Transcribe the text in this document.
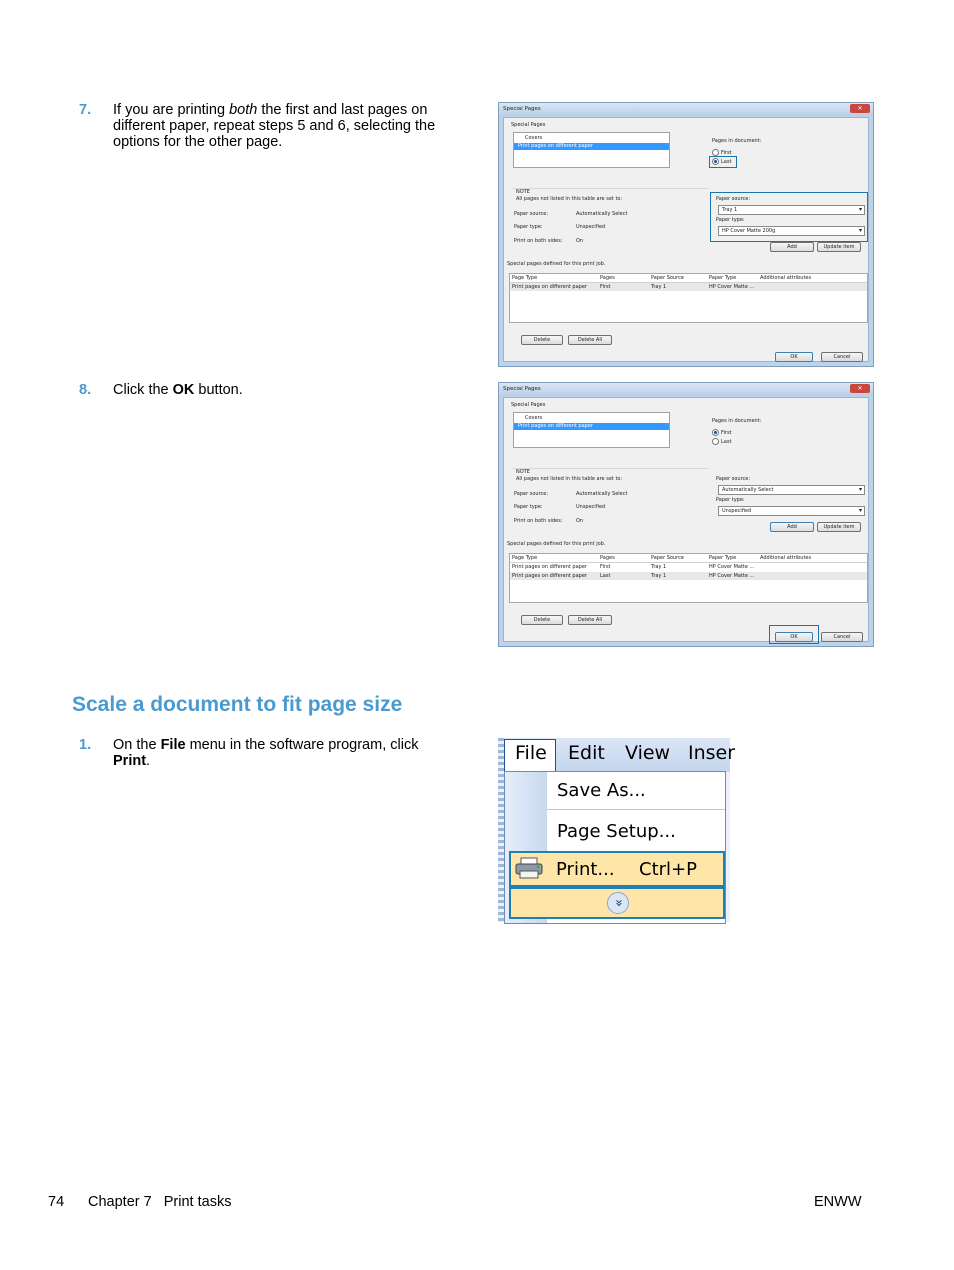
7. If you are printing both the first and last pages on different paper, repeat steps 5 and 6, selecting the options for the other page.
8. Click the OK button.
Scale a document to fit page size
1. On the File menu in the software program, click Print.
Special Pages	✕
Special Pages
Covers
Print pages on different paper
Pages in document:
First
Last
NOTE
All pages not listed in this table are set to:
Paper source:	Automatically Select
Paper type:	Unspecified
Print on both sides:	On
Paper source:
Tray 1
▾
Paper type:
HP Cover Matte 200g
▾
Add	Update item
Special pages defined for this print job.
Page Type	Pages	Paper Source	Paper Type	Additional attributes
Print pages on different paper	First	Tray 1	HP Cover Matte ...
Delete	Delete All
OK	Cancel
Special Pages	✕
Special Pages
Covers
Print pages on different paper
Pages in document:
First
Last
NOTE
All pages not listed in this table are set to:
Paper source:	Automatically Select
Paper type:	Unspecified
Print on both sides:	On
Paper source:
Automatically Select
▾
Paper type:
Unspecified
▾
Add	Update item
Special pages defined for this print job.
Page Type	Pages	Paper Source	Paper Type	Additional attributes
Print pages on different paper	First	Tray 1	HP Cover Matte ...
Print pages on different paper	Last	Tray 1	HP Cover Matte ...
Delete	Delete All
OK	Cancel
File Edit View Inser
Save As...
Page Setup...
Print... Ctrl+P
»
74 Chapter 7   Print tasks	ENWW
